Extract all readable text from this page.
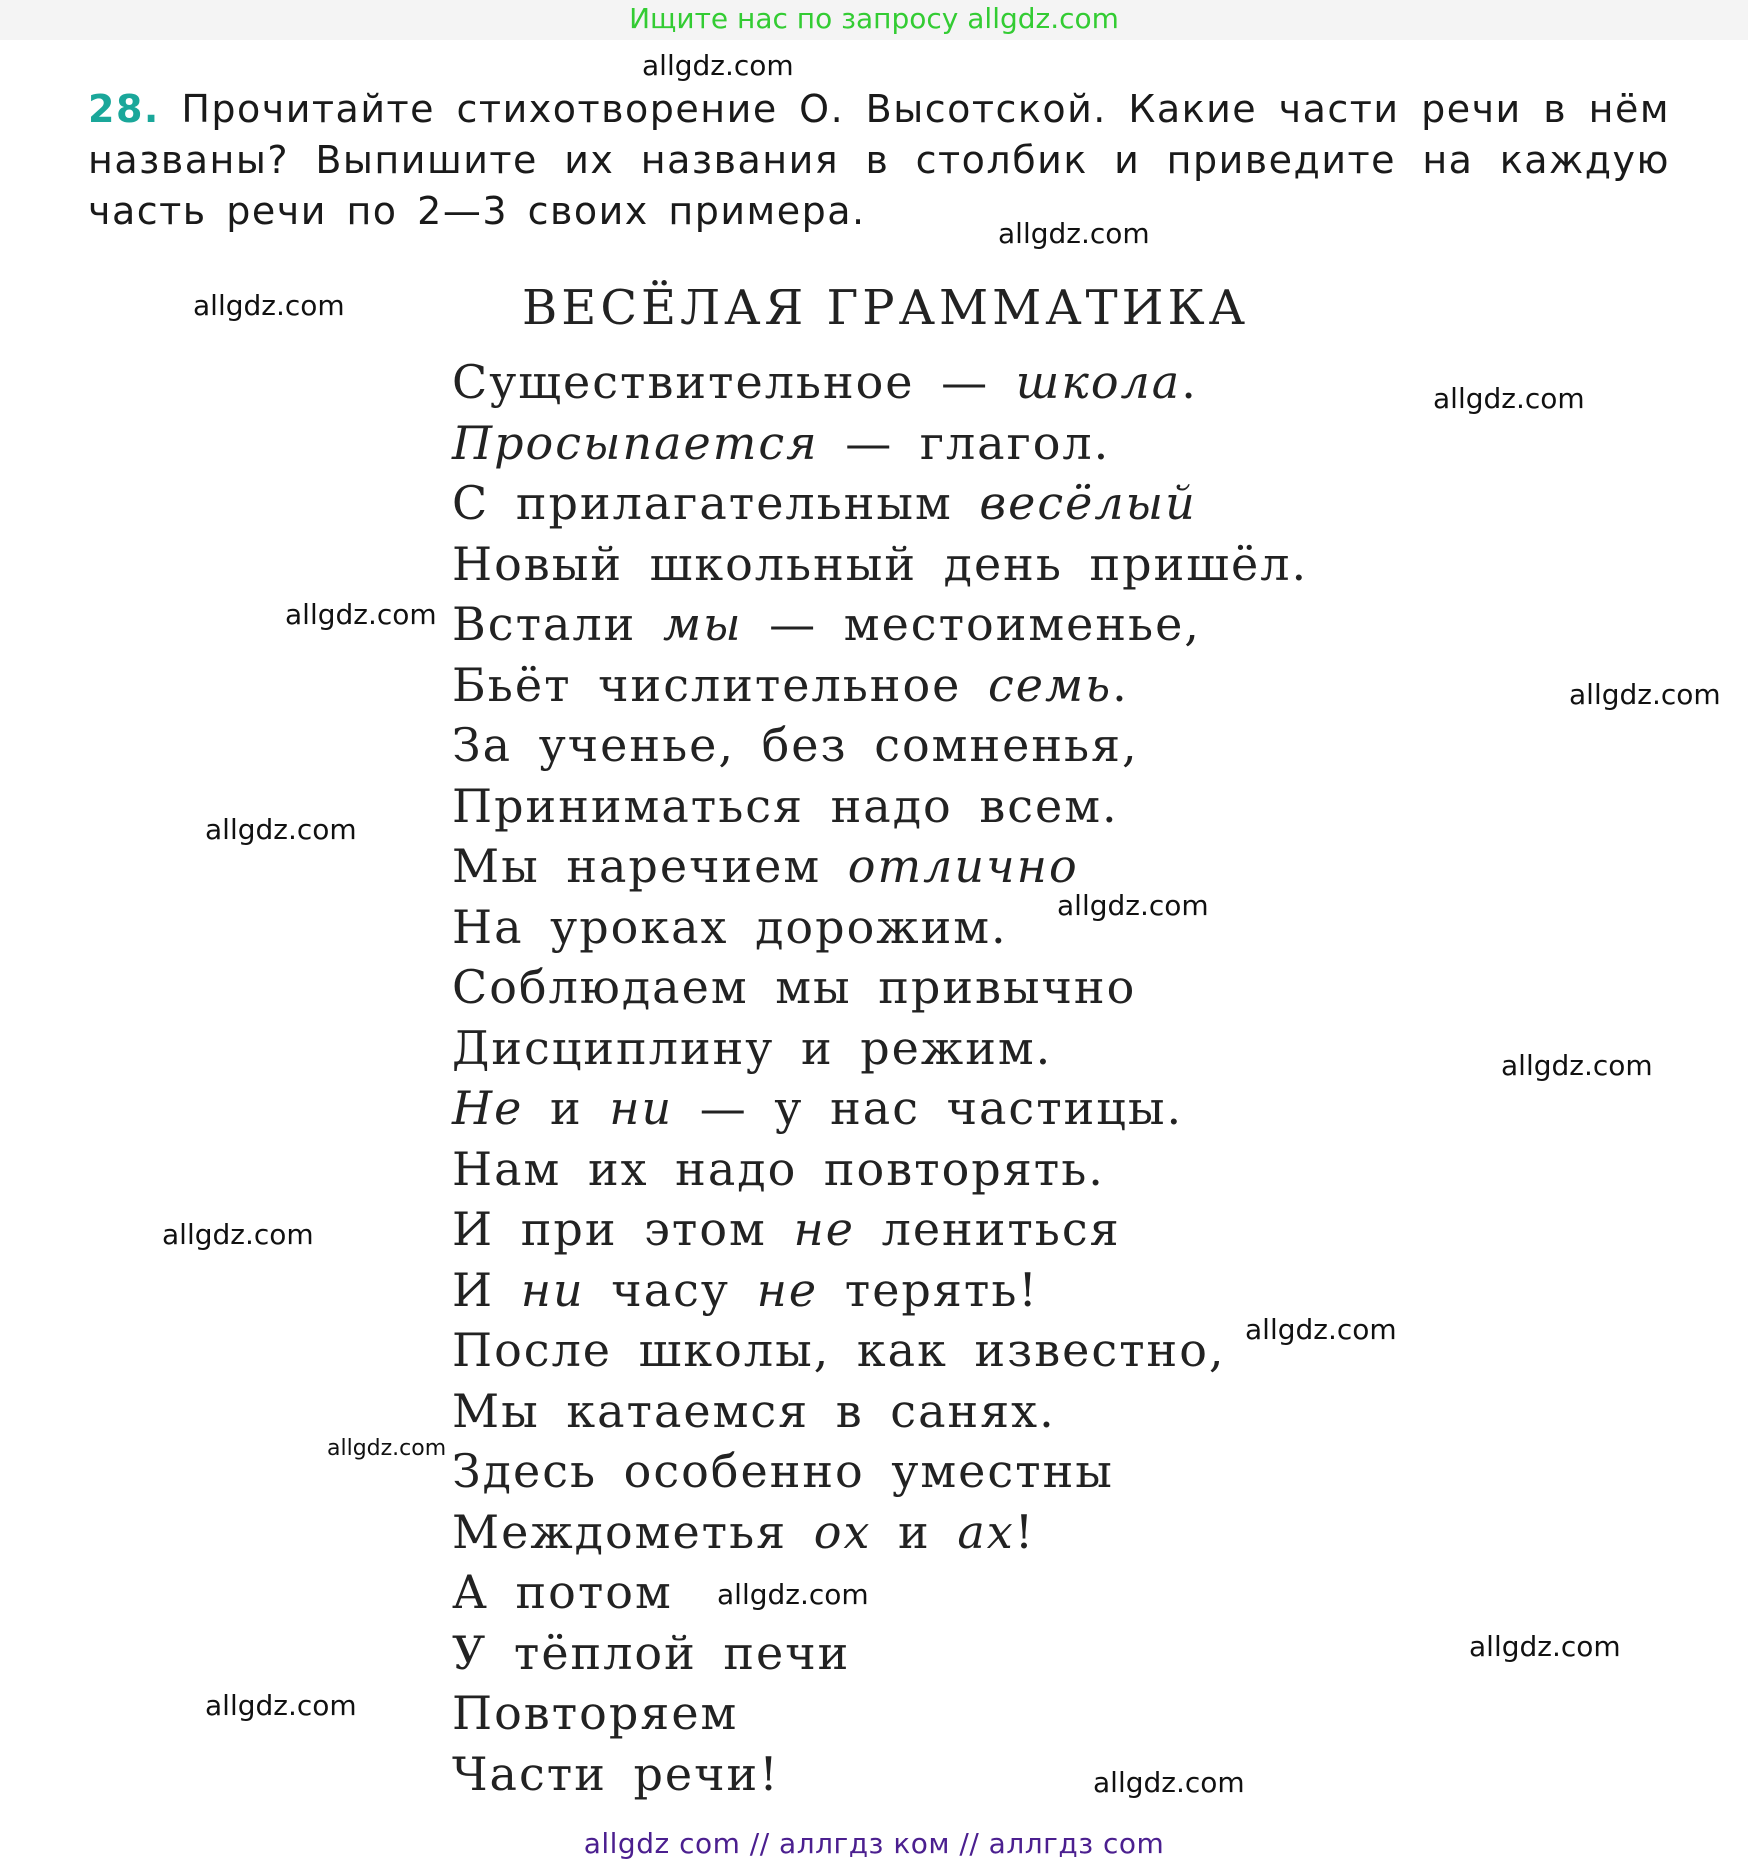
Ищите нас по запросу allgdz.com
28. Прочитайте стихотворение О. Высотской. Какие части речи в нём названы? Выпишите их названия в столбик и приведите на каждую часть речи по 2—3 своих примера.
ВЕСЁЛАЯ ГРАММАТИКА
Существительное — школа.
Просыпается — глагол.
С прилагательным весёлый
Новый школьный день пришёл.
Встали мы — местоименье,
Бьёт числительное семь.
За ученье, без сомненья,
Приниматься надо всем.
Мы наречием отлично
На уроках дорожим.
Соблюдаем мы привычно
Дисциплину и режим.
Не и ни — у нас частицы.
Нам их надо повторять.
И при этом не лениться
И ни часу не терять!
После школы, как известно,
Мы катаемся в санях.
Здесь особенно уместны
Междометья ох и ах!
А потом
У тёплой печи
Повторяем
Части речи!
allgdz.com
allgdz.com
allgdz.com
allgdz.com
allgdz.com
allgdz.com
allgdz.com
allgdz.com
allgdz.com
allgdz.com
allgdz.com
allgdz.com
allgdz.com
allgdz.com
allgdz.com
allgdz.com
allgdz com // аллгдз ком // аллгдз com
